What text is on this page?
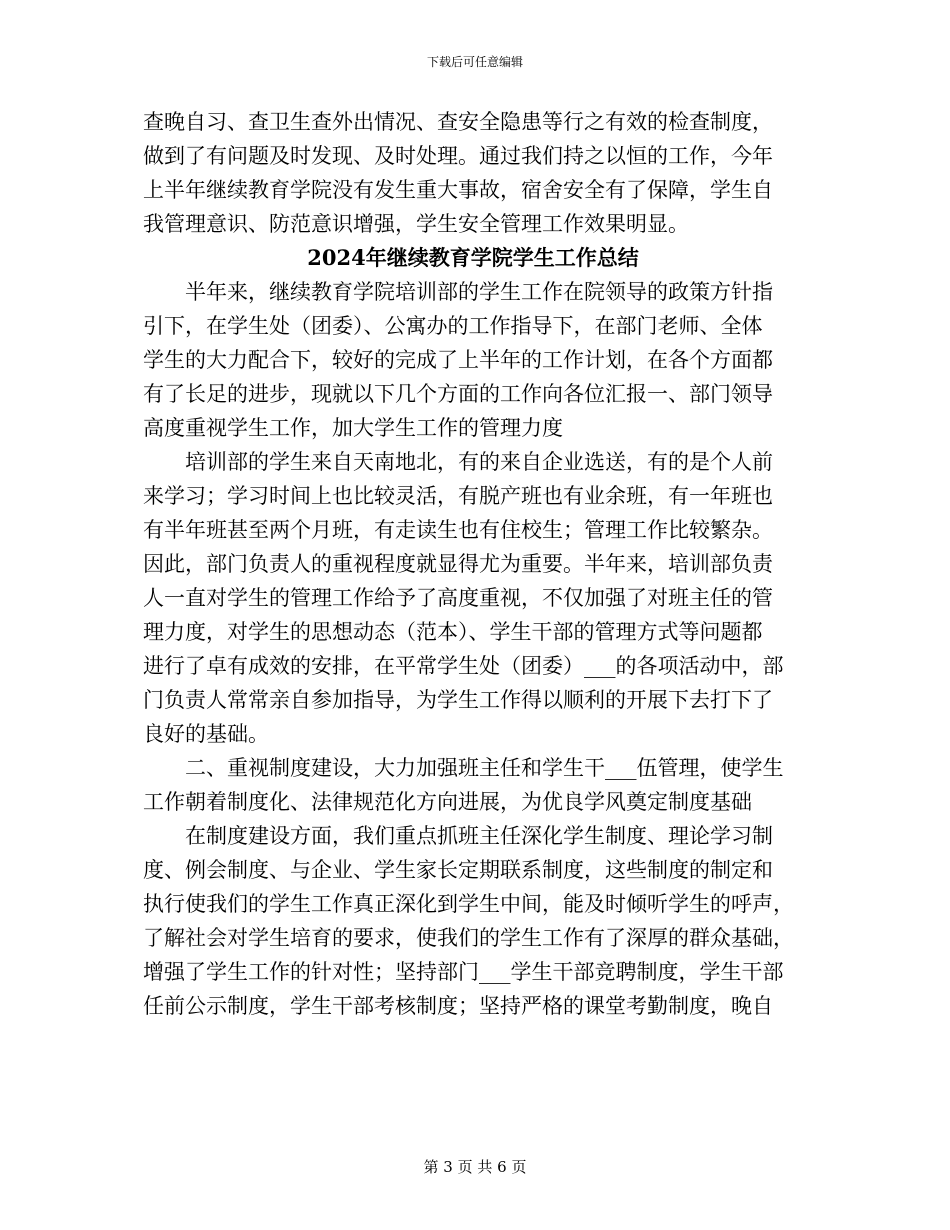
下载后可任意编辑
查晚自习、查卫生查外出情况、查安全隐患等行之有效的检查制度，
做到了有问题及时发现、及时处理。通过我们持之以恒的工作，今年
上半年继续教育学院没有发生重大事故，宿舍安全有了保障，学生自
我管理意识、防范意识增强，学生安全管理工作效果明显。
2024年继续教育学院学生工作总结
　　半年来，继续教育学院培训部的学生工作在院领导的政策方针指
引下，在学生处（团委）、公寓办的工作指导下，在部门老师、全体
学生的大力配合下，较好的完成了上半年的工作计划，在各个方面都
有了长足的进步，现就以下几个方面的工作向各位汇报一、部门领导
高度重视学生工作，加大学生工作的管理力度
　　培训部的学生来自天南地北，有的来自企业选送，有的是个人前
来学习；学习时间上也比较灵活，有脱产班也有业余班，有一年班也
有半年班甚至两个月班，有走读生也有住校生；管理工作比较繁杂。
因此，部门负责人的重视程度就显得尤为重要。半年来，培训部负责
人一直对学生的管理工作给予了高度重视，不仅加强了对班主任的管
理力度，对学生的思想动态（范本）、学生干部的管理方式等问题都
进行了卓有成效的安排，在平常学生处（团委）___的各项活动中，部
门负责人常常亲自参加指导，为学生工作得以顺利的开展下去打下了
良好的基础。
　　二、重视制度建设，大力加强班主任和学生干___伍管理，使学生
工作朝着制度化、法律规范化方向进展，为优良学风奠定制度基础
　　在制度建设方面，我们重点抓班主任深化学生制度、理论学习制
度、例会制度、与企业、学生家长定期联系制度，这些制度的制定和
执行使我们的学生工作真正深化到学生中间，能及时倾听学生的呼声，
了解社会对学生培育的要求，使我们的学生工作有了深厚的群众基础，
增强了学生工作的针对性；坚持部门___学生干部竞聘制度，学生干部
任前公示制度，学生干部考核制度；坚持严格的课堂考勤制度，晚自
第 3 页 共 6 页
